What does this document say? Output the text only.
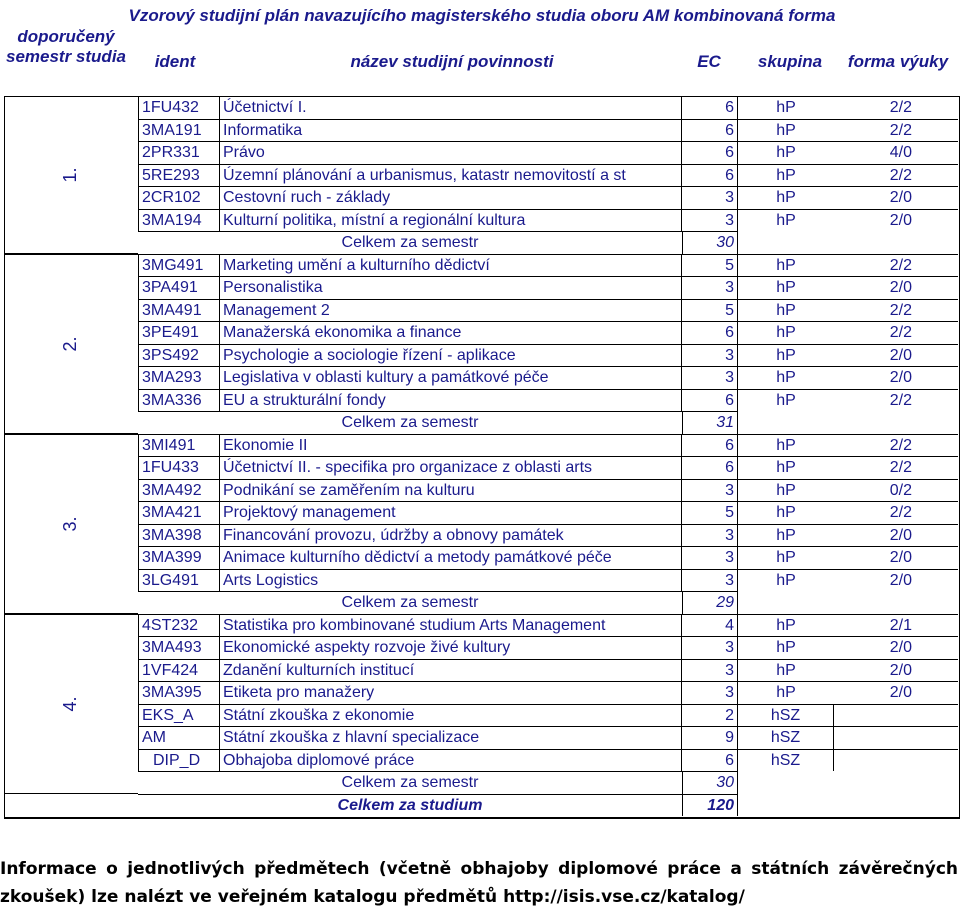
Vzorový studijní plán navazujícího magisterského studia oboru AM kombinovaná forma
doporučený semestr studia	ident	název studijní povinnosti	EC	skupina	forma výuky
1FU432	Účetnictví I.	6	hP	2/2
3MA191	Informatika	6	hP	2/2
2PR331	Právo	6	hP	4/0
5RE293	Územní plánování a urbanismus, katastr nemovitostí a st	6	hP	2/2
2CR102	Cestovní ruch - základy	3	hP	2/0
3MA194	Kulturní politika, místní a regionální kultura	3	hP	2/0
Celkem za semestr	30
1.
3MG491	Marketing umění a kulturního dědictví	5	hP	2/2
3PA491	Personalistika	3	hP	2/0
3MA491	Management 2	5	hP	2/2
3PE491	Manažerská ekonomika a finance	6	hP	2/2
3PS492	Psychologie a sociologie řízení - aplikace	3	hP	2/0
3MA293	Legislativa v oblasti kultury a památkové péče	3	hP	2/0
3MA336	EU a strukturální fondy	6	hP	2/2
Celkem za semestr	31
2.
3MI491	Ekonomie II	6	hP	2/2
1FU433	Účetnictví II. - specifika pro organizace z oblasti arts	6	hP	2/2
3MA492	Podnikání se zaměřením na kulturu	3	hP	0/2
3MA421	Projektový management	5	hP	2/2
3MA398	Financování provozu, údržby a obnovy památek	3	hP	2/0
3MA399	Animace kulturního dědictví a metody památkové péče	3	hP	2/0
3LG491	Arts Logistics	3	hP	2/0
Celkem za semestr	29
3.
4ST232	Statistika pro kombinované studium Arts Management	4	hP	2/1
3MA493	Ekonomické aspekty rozvoje živé kultury	3	hP	2/0
1VF424	Zdanění kulturních institucí	3	hP	2/0
3MA395	Etiketa pro manažery	3	hP	2/0
EKS_A	Státní zkouška z ekonomie	2	hSZ
AM	Státní zkouška z hlavní specializace	9	hSZ
DIP_D	Obhajoba diplomové práce	6	hSZ
Celkem za semestr	30
4.
Celkem za studium	120
Informace o jednotlivých předmětech (včetně obhajoby diplomové práce a státních závěrečných zkoušek) lze nalézt ve veřejném katalogu předmětů http://isis.vse.cz/katalog/
